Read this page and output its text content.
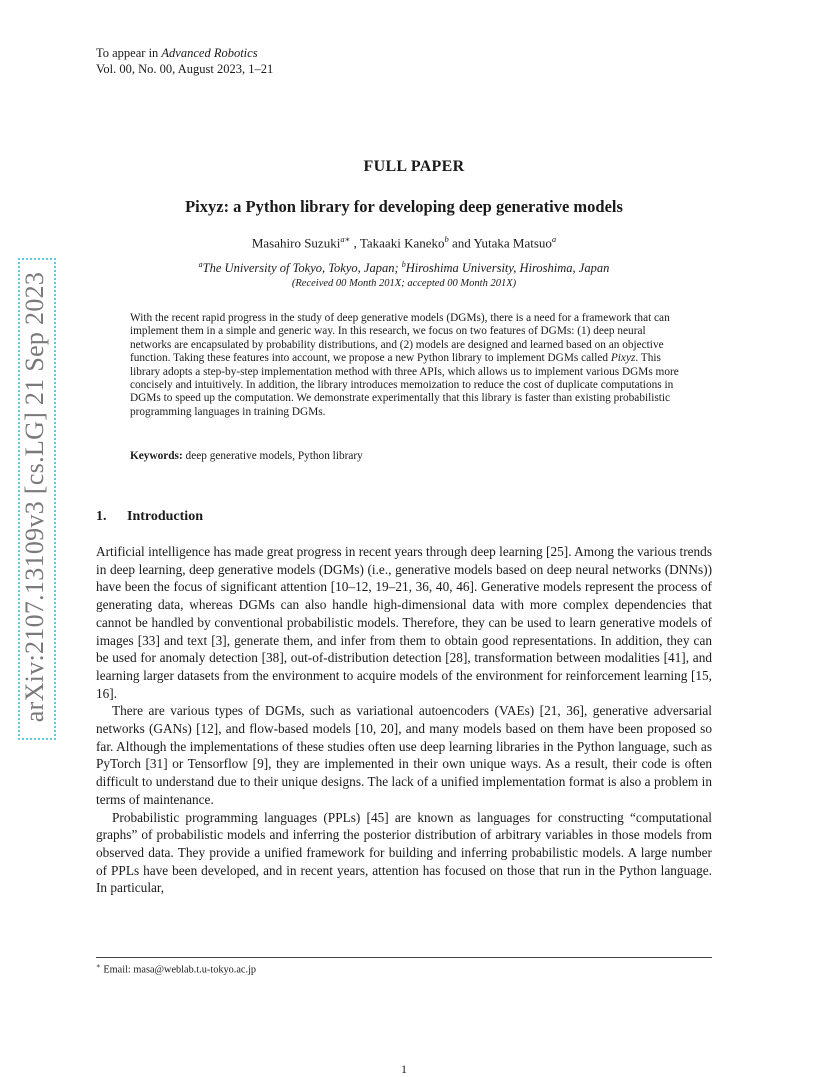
To appear in Advanced Robotics
Vol. 00, No. 00, August 2023, 1–21
arXiv:2107.13109v3 [cs.LG] 21 Sep 2023
FULL PAPER
Pixyz: a Python library for developing deep generative models
Masahiro Suzuki$^{a∗}$ , Takaaki Kaneko$^b$ and Yutaka Matsuo$^a$
$^a$The University of Tokyo, Tokyo, Japan; $^b$Hiroshima University, Hiroshima, Japan
(Received 00 Month 201X; accepted 00 Month 201X)
With the recent rapid progress in the study of deep generative models (DGMs), there is a need for a framework that can implement them in a simple and generic way. In this research, we focus on two features of DGMs: (1) deep neural networks are encapsulated by probability distributions, and (2) models are designed and learned based on an objective function. Taking these features into account, we propose a new Python library to implement DGMs called Pixyz. This library adopts a step-by-step implementation method with three APIs, which allows us to implement various DGMs more concisely and intuitively. In addition, the library introduces memoization to reduce the cost of duplicate computations in DGMs to speed up the computation. We demonstrate experimentally that this library is faster than existing probabilistic programming languages in training DGMs.
Keywords: deep generative models, Python library
1. Introduction

Artificial intelligence has made great progress in recent years through deep learning [25]. Among the various trends in deep learning, deep generative models (DGMs) (i.e., generative models based on deep neural networks (DNNs)) have been the focus of significant attention [10–12, 19–21, 36, 40, 46]. Generative models represent the process of generating data, whereas DGMs can also handle high-dimensional data with more complex dependencies that cannot be handled by conventional probabilistic models. Therefore, they can be used to learn generative models of images [33] and text [3], generate them, and infer from them to obtain good representations. In addition, they can be used for anomaly detection [38], out-of-distribution detection [28], transformation between modalities [41], and learning larger datasets from the environment to acquire models of the environment for reinforcement learning [15, 16].

There are various types of DGMs, such as variational autoencoders (VAEs) [21, 36], generative adversarial networks (GANs) [12], and flow-based models [10, 20], and many models based on them have been proposed so far. Although the implementations of these studies often use deep learning libraries in the Python language, such as PyTorch [31] or Tensorflow [9], they are implemented in their own unique ways. As a result, their code is often difficult to understand due to their unique designs. The lack of a unified implementation format is also a problem in terms of maintenance.

Probabilistic programming languages (PPLs) [45] are known as languages for constructing “computational graphs” of probabilistic models and inferring the posterior distribution of arbitrary variables in those models from observed data. They provide a unified framework for building and inferring probabilistic models. A large number of PPLs have been developed, and in recent years, attention has focused on those that run in the Python language. In particular,

∗ Email: masa@weblab.t.u-tokyo.ac.jp
1
